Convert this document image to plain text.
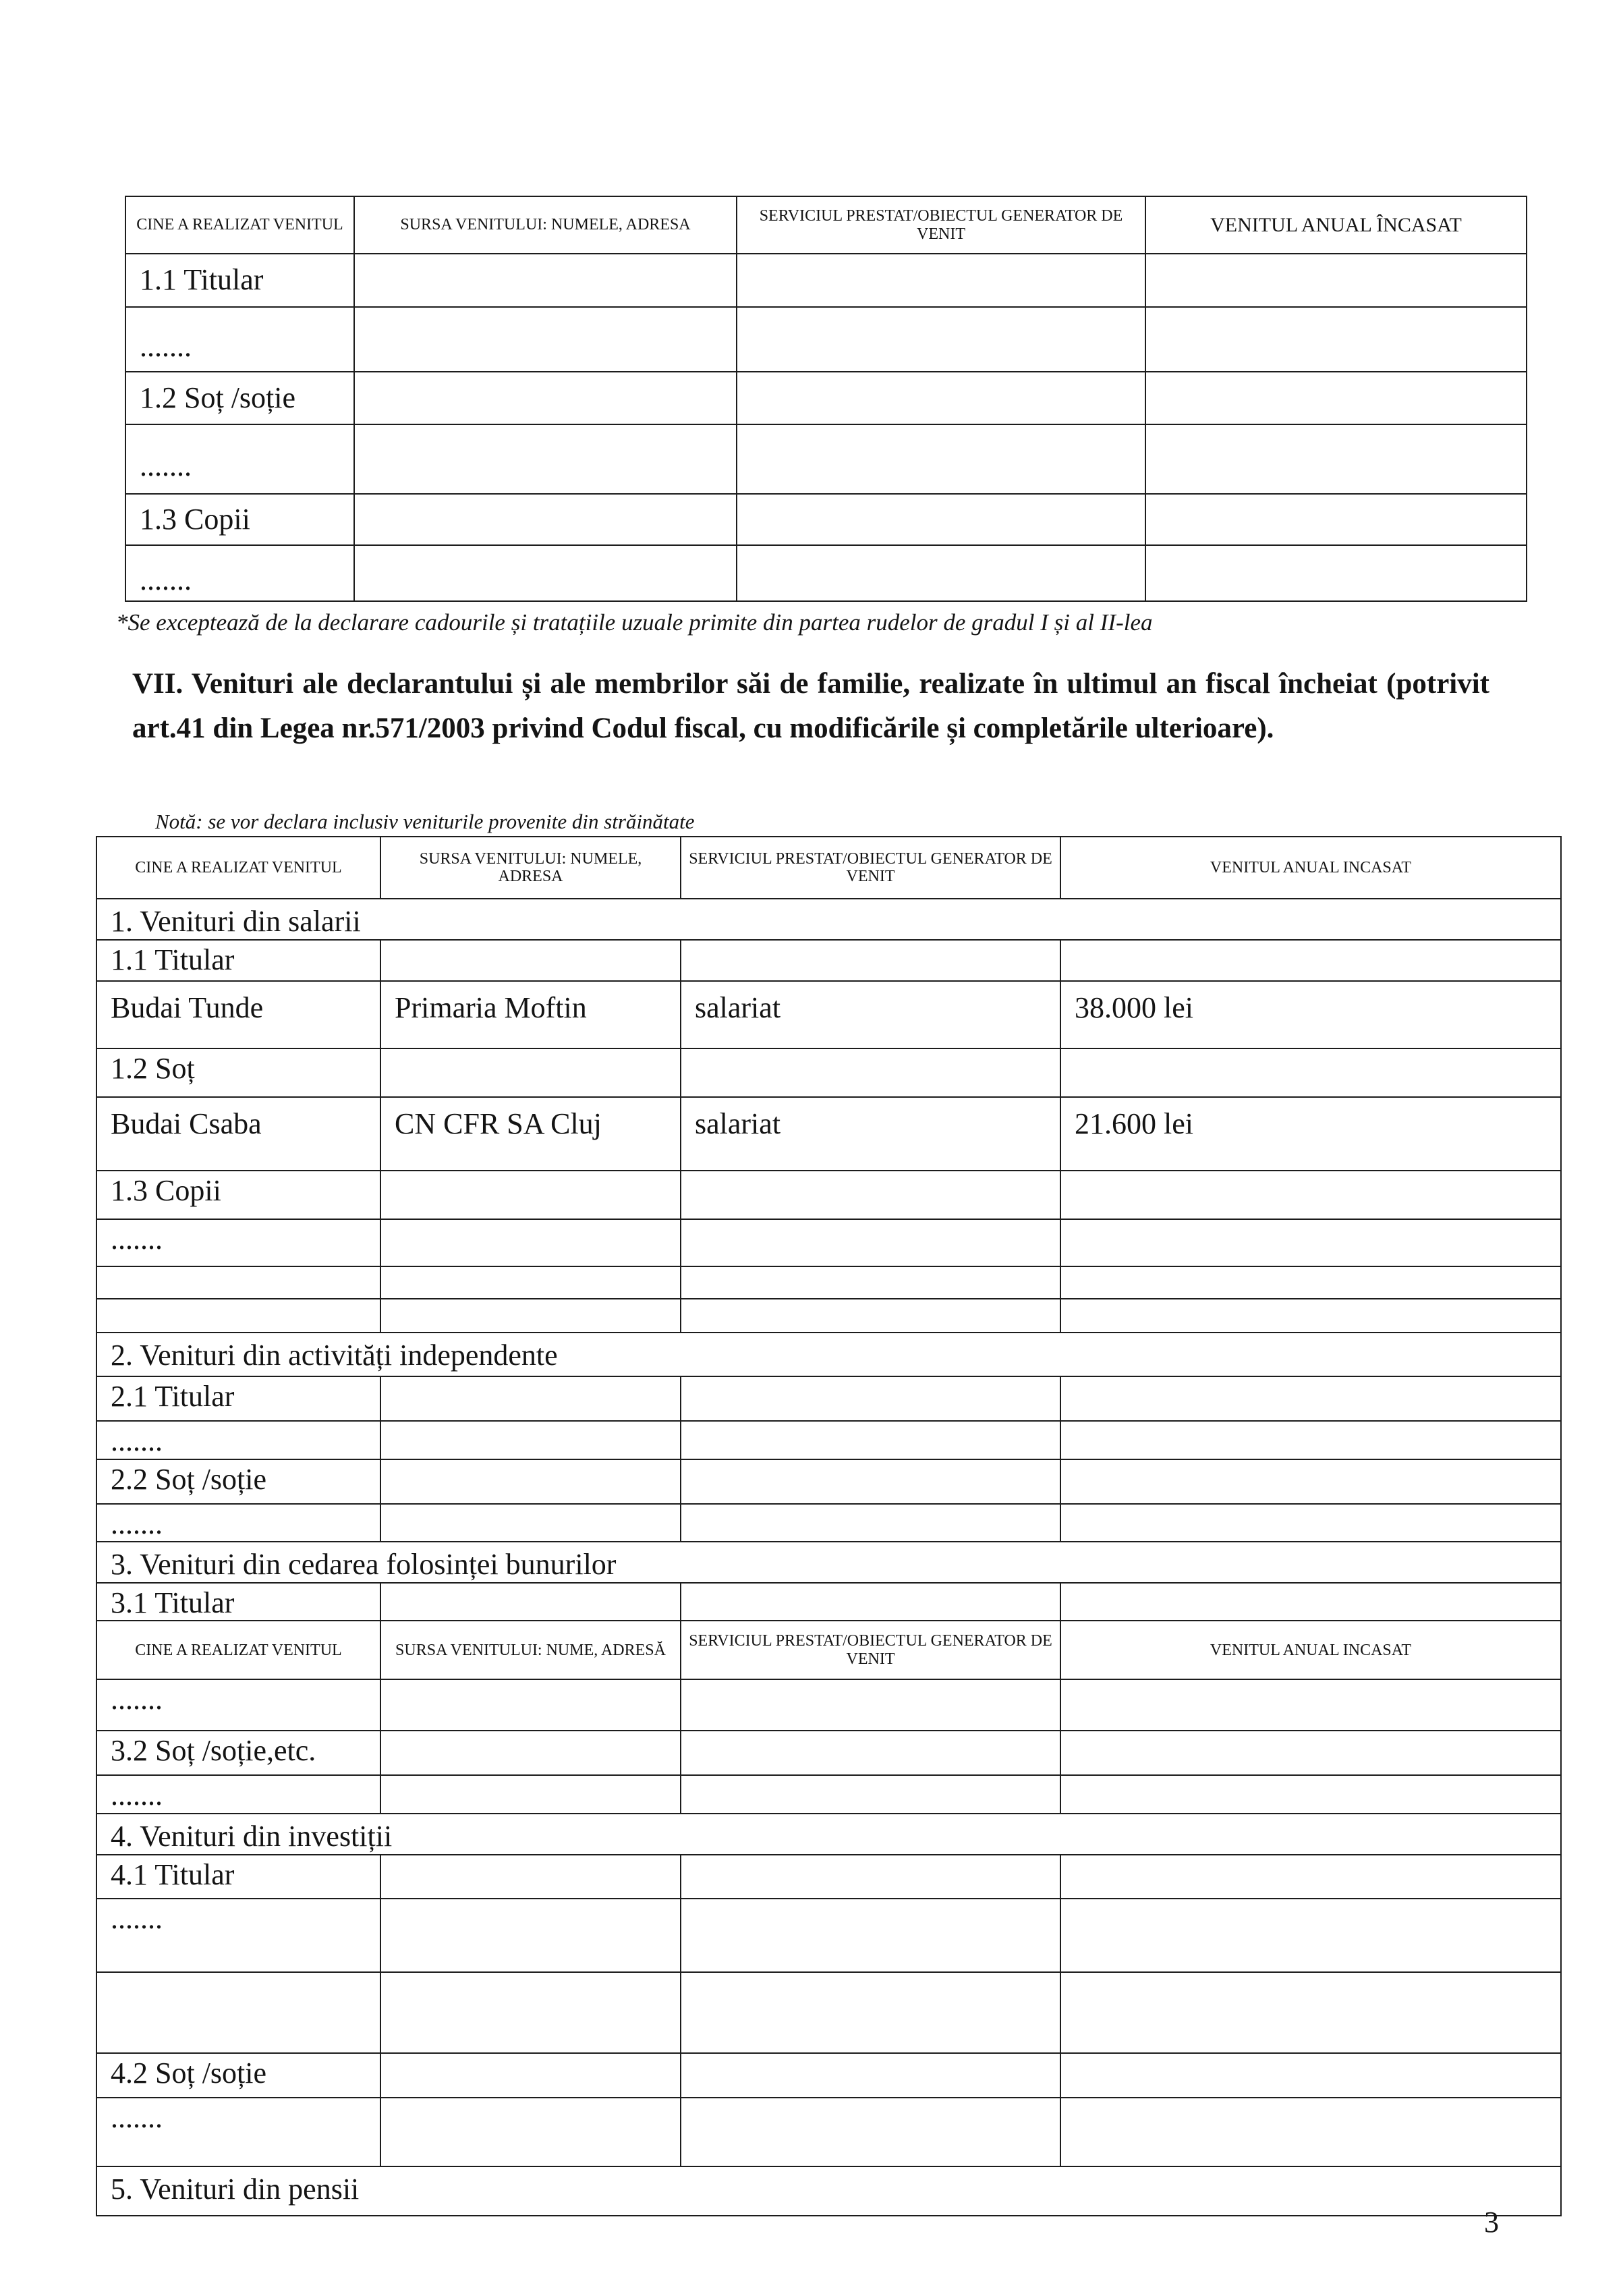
CINE A REALIZAT VENITUL	SURSA VENITULUI: NUMELE, ADRESA	SERVICIUL PRESTAT/OBIECTUL GENERATOR DE VENIT	VENITUL ANUAL ÎNCASAT
1.1 Titular			
.......			
1.2 Soț /soție			
.......			
1.3 Copii			
.......			
*Se exceptează de la declarare cadourile și tratațiile uzuale primite din partea rudelor de gradul I și al II-lea
VII. Venituri ale declarantului și ale membrilor săi de familie, realizate în ultimul an fiscal încheiat (potrivit art.41 din Legea nr.571/2003 privind Codul fiscal, cu modificările și completările ulterioare).
Notă: se vor declara inclusiv veniturile provenite din străinătate
CINE A REALIZAT VENITUL	SURSA VENITULUI: NUMELE, ADRESA	SERVICIUL PRESTAT/OBIECTUL GENERATOR DE VENIT	VENITUL ANUAL INCASAT
1. Venituri din salarii			
1.1 Titular			
Budai Tunde	Primaria Moftin	salariat	38.000 lei
1.2 Soț			
Budai Csaba	CN CFR SA Cluj	salariat	21.600 lei
1.3 Copii			
.......			

2. Venituri din activități independente			
2.1 Titular			
.......			
2.2 Soț /soție			
.......			
3. Venituri din cedarea folosinței bunurilor			
3.1 Titular			
CINE A REALIZAT VENITUL	SURSA VENITULUI: NUME, ADRESĂ	SERVICIUL PRESTAT/OBIECTUL GENERATOR DE VENIT	VENITUL ANUAL INCASAT
.......			
3.2 Soț /soție,etc.			
.......			
4. Venituri din investiții			
4.1 Titular			
.......			

4.2 Soț /soție			
.......			
5. Venituri din pensii			
3
